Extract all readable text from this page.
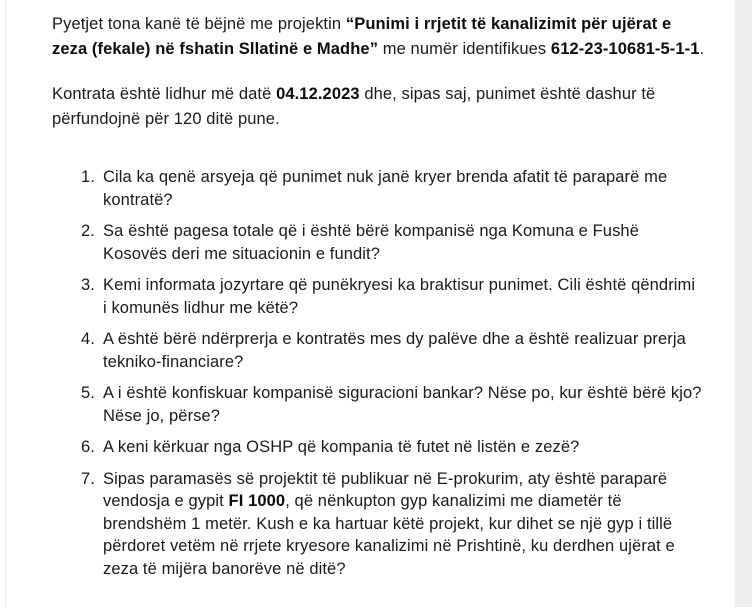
Pyetjet tona kanë të bëjnë me projektin “Punimi i rrjetit të kanalizimit për ujërat e zeza (fekale) në fshatin Sllatinë e Madhe” me numër identifikues 612-23-10681-5-1-1.

Kontrata është lidhur më datë 04.12.2023 dhe, sipas saj, punimet është dashur të përfundojnë për 120 ditë pune.

1. Cila ka qenë arsyeja që punimet nuk janë kryer brenda afatit të paraparë me kontratë?
2. Sa është pagesa totale që i është bërë kompanisë nga Komuna e Fushë Kosovës deri me situacionin e fundit?
3. Kemi informata jozyrtare që punëkryesi ka braktisur punimet. Cili është qëndrimi i komunës lidhur me këtë?
4. A është bërë ndërprerja e kontratës mes dy palëve dhe a është realizuar prerja tekniko-financiare?
5. A i është konfiskuar kompanisë siguracioni bankar? Nëse po, kur është bërë kjo? Nëse jo, përse?
6. A keni kërkuar nga OSHP që kompania të futet në listën e zezë?
7. Sipas paramasës së projektit të publikuar në E-prokurim, aty është paraparë vendosja e gypit FI 1000, që nënkupton gyp kanalizimi me diametër të brendshëm 1 metër. Kush e ka hartuar këtë projekt, kur dihet se një gyp i tillë përdoret vetëm në rrjete kryesore kanalizimi në Prishtinë, ku derdhen ujërat e zeza të mijëra banorëve në ditë?
